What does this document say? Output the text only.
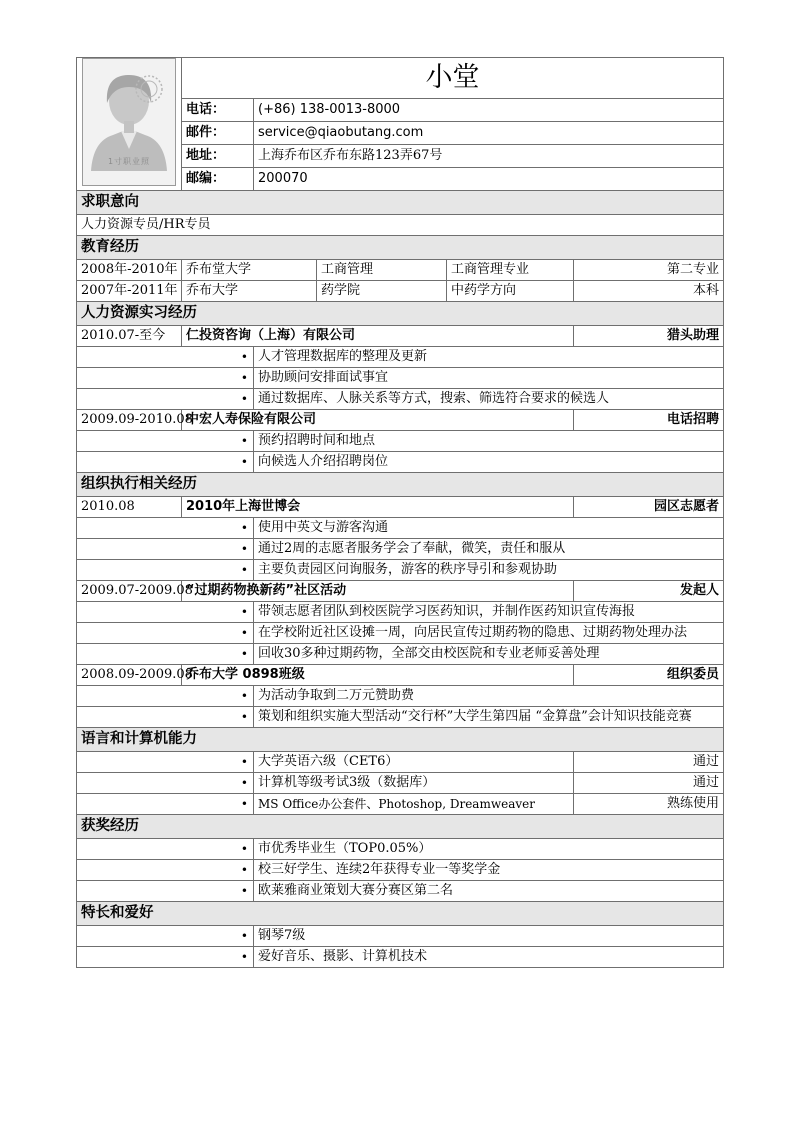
1寸职业照	小堂				
	电话：	(+86) 138-0013-8000			
	邮件：	service@qiaobutang.com			
	地址：	上海乔布区乔布东路123弄67号			
	邮编：	200070			
求职意向					
人力资源专员/HR专员					
教育经历					
2008年-2010年	乔布堂大学		工商管理	工商管理专业	第二专业
2007年-2011年	乔布大学		药学院	中药学方向	本科
人力资源实习经历					
2010.07-至今	仁投资咨询（上海）有限公司				猎头助理
•		人才管理数据库的整理及更新			
•		协助顾问安排面试事宜			
•		通过数据库、人脉关系等方式，搜索、筛选符合要求的候选人			
2009.09-2010.08	中宏人寿保险有限公司				电话招聘
•		预约招聘时间和地点			
•		向候选人介绍招聘岗位			
组织执行相关经历					
2010.08	2010年上海世博会				园区志愿者
•		使用中英文与游客沟通			
•		通过2周的志愿者服务学会了奉献，微笑，责任和服从			
•		主要负责园区问询服务，游客的秩序导引和参观协助			
2009.07-2009.08	“过期药物换新药”社区活动				发起人
•		带领志愿者团队到校医院学习医药知识，并制作医药知识宣传海报			
•		在学校附近社区设摊一周，向居民宣传过期药物的隐患、过期药物处理办法			
•		回收30多种过期药物，全部交由校医院和专业老师妥善处理			
2008.09-2009.08	乔布大学 0898班级				组织委员
•		为活动争取到二万元赞助费			
•		策划和组织实施大型活动“交行杯”大学生第四届 “金算盘”会计知识技能竞赛			
语言和计算机能力					
•		大学英语六级（CET6）			通过
•		计算机等级考试3级（数据库）			通过
•		MS Office办公套件、Photoshop, Dreamweaver			熟练使用
获奖经历					
•		市优秀毕业生（TOP0.05%）			
•		校三好学生、连续2年获得专业一等奖学金			
•		欧莱雅商业策划大赛分赛区第二名			
特长和爱好					
•		钢琴7级			
•		爱好音乐、摄影、计算机技术			
